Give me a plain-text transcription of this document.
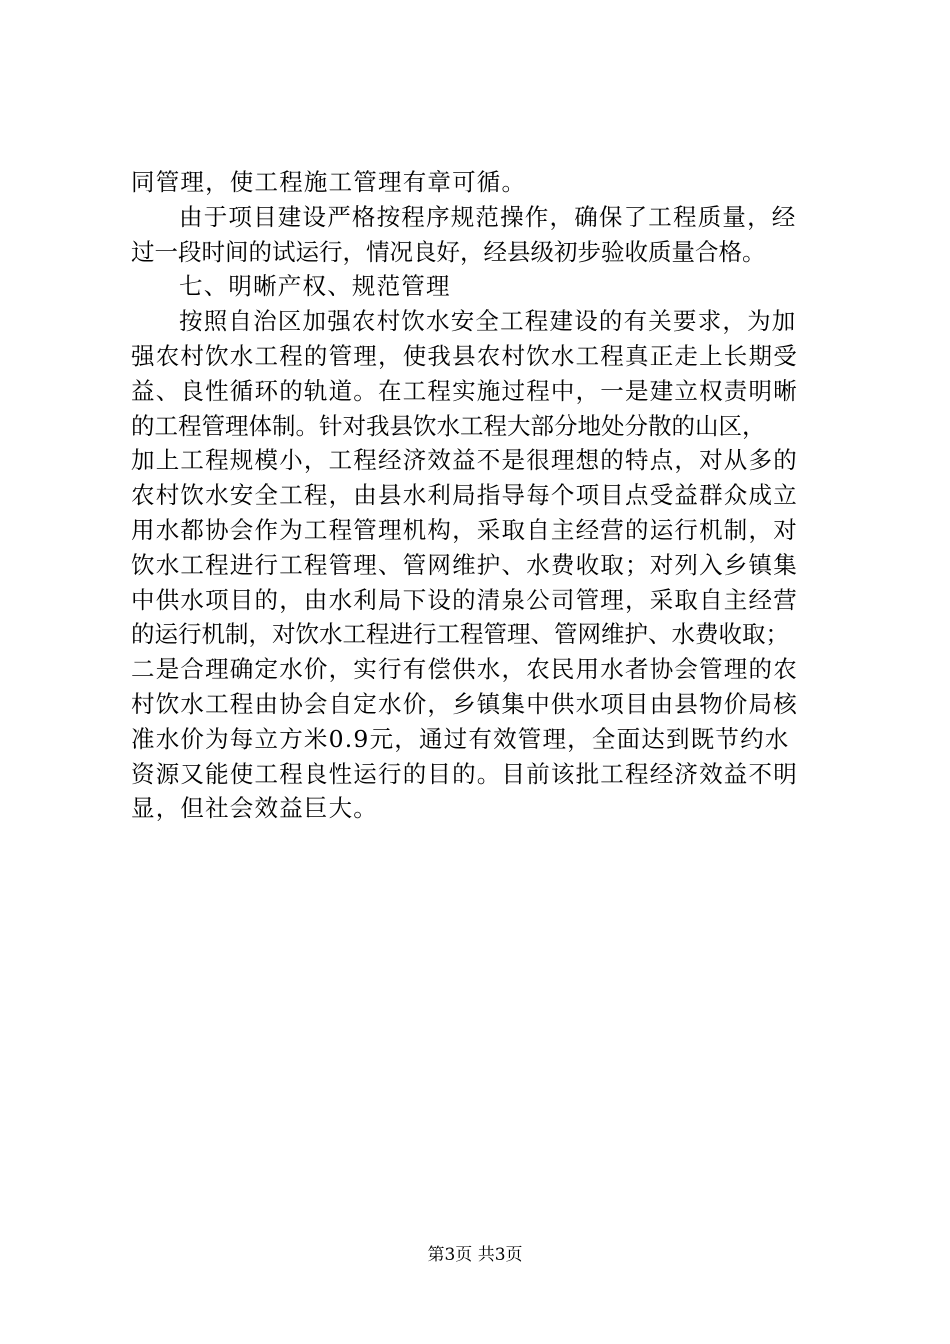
同管理，使工程施工管理有章可循。
由于项目建设严格按程序规范操作，确保了工程质量，经
过一段时间的试运行，情况良好，经县级初步验收质量合格。
七、明晰产权、规范管理
按照自治区加强农村饮水安全工程建设的有关要求，为加
强农村饮水工程的管理，使我县农村饮水工程真正走上长期受
益、良性循环的轨道。在工程实施过程中，一是建立权责明晰
的工程管理体制。针对我县饮水工程大部分地处分散的山区，
加上工程规模小，工程经济效益不是很理想的特点，对从多的
农村饮水安全工程，由县水利局指导每个项目点受益群众成立
用水都协会作为工程管理机构，采取自主经营的运行机制，对
饮水工程进行工程管理、管网维护、水费收取；对列入乡镇集
中供水项目的，由水利局下设的清泉公司管理，采取自主经营
的运行机制，对饮水工程进行工程管理、管网维护、水费收取；
二是合理确定水价，实行有偿供水，农民用水者协会管理的农
村饮水工程由协会自定水价，乡镇集中供水项目由县物价局核
准水价为每立方米0.9元，通过有效管理，全面达到既节约水
资源又能使工程良性运行的目的。目前该批工程经济效益不明
显，但社会效益巨大。
第3页 共3页
